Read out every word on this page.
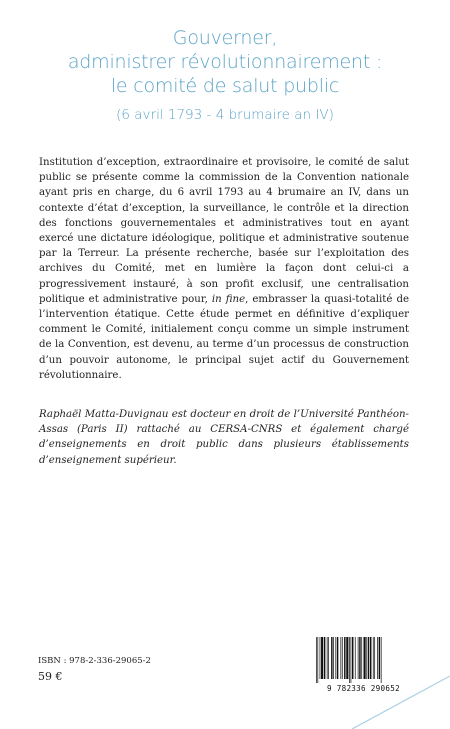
Gouverner,
administrer révolutionnairement :
le comité de salut public
(6 avril 1793 - 4 brumaire an IV)

Institution d’exception, extraordinaire et provisoire, le comité de salut public se présente comme la commission de la Convention nationale ayant pris en charge, du 6 avril 1793 au 4 brumaire an IV, dans un contexte d’état d’exception, la surveillance, le contrôle et la direction des fonctions gouvernementales et administratives tout en ayant exercé une dictature idéologique, politique et administrative soutenue par la Terreur. La présente recherche, basée sur l’exploitation des archives du Comité, met en lumière la façon dont celui-ci a progressivement instauré, à son profit exclusif, une centralisation politique et administrative pour, in fine, embrasser la quasi-totalité de l’intervention étatique. Cette étude permet en définitive d’expliquer comment le Comité, initialement conçu comme un simple instrument de la Convention, est devenu, au terme d’un processus de construction d’un pouvoir autonome, le principal sujet actif du Gouvernement révolutionnaire.

Raphaël Matta-Duvignau est docteur en droit de l’Université Panthéon-Assas (Paris II) rattaché au CERSA-CNRS et également chargé d’enseignements en droit public dans plusieurs établissements d’enseignement supérieur.
ISBN : 978-2-336-29065-2
59 €
9 782336 290652
